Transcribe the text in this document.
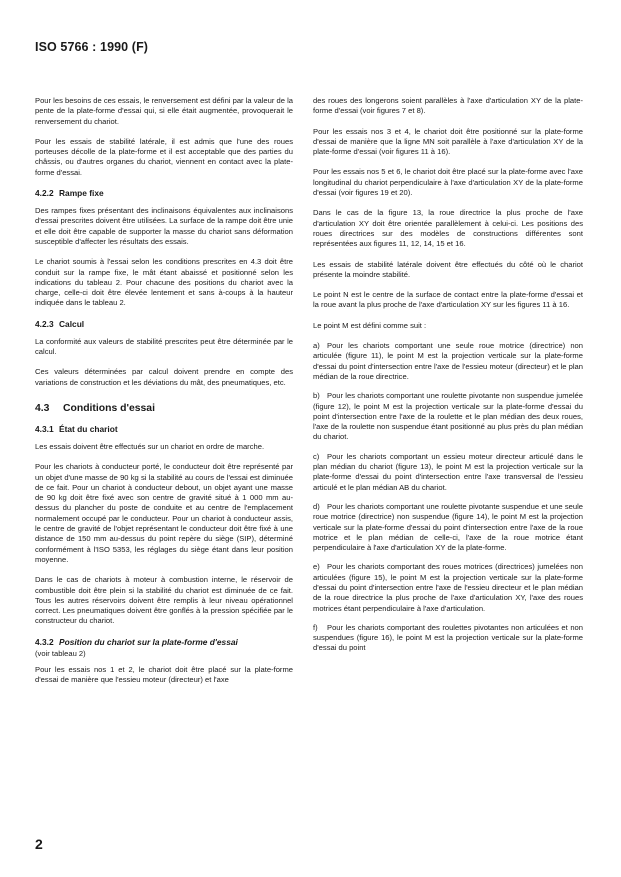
ISO 5766 : 1990 (F)

Pour les besoins de ces essais, le renversement est défini par la valeur de la pente de la plate-forme d'essai qui, si elle était augmentée, provoquerait le renversement du chariot.

Pour les essais de stabilité latérale, il est admis que l'une des roues porteuses décolle de la plate-forme et il est acceptable que des parties du châssis, ou d'autres organes du chariot, viennent en contact avec la plate-forme d'essai.

4.2.2 Rampe fixe

Des rampes fixes présentant des inclinaisons équivalentes aux inclinaisons d'essai prescrites doivent être utilisées. La surface de la rampe doit être unie et elle doit être capable de supporter la masse du chariot sans déformation susceptible d'affecter les résultats des essais.

Le chariot soumis à l'essai selon les conditions prescrites en 4.3 doit être conduit sur la rampe fixe, le mât étant abaissé et positionné selon les indications du tableau 2. Pour chacune des positions du chariot avec la charge, celle-ci doit être élevée lentement et sans à-coups à la hauteur indiquée dans le tableau 2.

4.2.3 Calcul

La conformité aux valeurs de stabilité prescrites peut être déterminée par le calcul.

Ces valeurs déterminées par calcul doivent prendre en compte des variations de construction et les déviations du mât, des pneumatiques, etc.

4.3 Conditions d'essai
4.3.1 État du chariot

Les essais doivent être effectués sur un chariot en ordre de marche.

Pour les chariots à conducteur porté, le conducteur doit être représenté par un objet d'une masse de 90 kg si la stabilité au cours de l'essai est diminuée de ce fait. Pour un chariot à conducteur debout, un objet ayant une masse de 90 kg doit être fixé avec son centre de gravité situé à 1 000 mm au-dessus du plancher du poste de conduite et au centre de l'emplacement normalement occupé par le conducteur. Pour un chariot à conducteur assis, le centre de gravité de l'objet représentant le conducteur doit être fixé à une distance de 150 mm au-dessus du point repère du siège (SIP), déterminé conformément à l'ISO 5353, les réglages du siège étant dans leur position moyenne.

Dans le cas de chariots à moteur à combustion interne, le réservoir de combustible doit être plein si la stabilité du chariot est diminuée de ce fait. Tous les autres réservoirs doivent être remplis à leur niveau opérationnel correct. Les pneumatiques doivent être gonflés à la pression spécifiée par le constructeur du chariot.

4.3.2 Position du chariot sur la plate-forme d'essai
(voir tableau 2)

Pour les essais nos 1 et 2, le chariot doit être placé sur la plate-forme d'essai de manière que l'essieu moteur (directeur) et l'axe

des roues des longerons soient parallèles à l'axe d'articulation XY de la plate-forme d'essai (voir figures 7 et 8).

Pour les essais nos 3 et 4, le chariot doit être positionné sur la plate-forme d'essai de manière que la ligne MN soit parallèle à l'axe d'articulation XY de la plate-forme d'essai (voir figures 11 à 16).

Pour les essais nos 5 et 6, le chariot doit être placé sur la plate-forme avec l'axe longitudinal du chariot perpendiculaire à l'axe d'articulation XY de la plate-forme d'essai (voir figures 19 et 20).

Dans le cas de la figure 13, la roue directrice la plus proche de l'axe d'articulation XY doit être orientée parallèlement à celui-ci. Les positions des roues directrices sur des modèles de constructions différentes sont représentées aux figures 11, 12, 14, 15 et 16.

Les essais de stabilité latérale doivent être effectués du côté où le chariot présente la moindre stabilité.

Le point N est le centre de la surface de contact entre la plate-forme d'essai et la roue avant la plus proche de l'axe d'articulation XY sur les figures 11 à 16.

Le point M est défini comme suit :

a) Pour les chariots comportant une seule roue motrice (directrice) non articulée (figure 11), le point M est la projection verticale sur la plate-forme d'essai du point d'intersection entre l'axe de l'essieu moteur (directeur) et le plan médian de la roue directrice.

b) Pour les chariots comportant une roulette pivotante non suspendue jumelée (figure 12), le point M est la projection verticale sur la plate-forme d'essai du point d'intersection entre l'axe de la roulette et le plan médian des deux roues, l'axe de la roulette non suspendue étant positionné au plus près du plan médian du chariot.

c) Pour les chariots comportant un essieu moteur directeur articulé dans le plan médian du chariot (figure 13), le point M est la projection verticale sur la plate-forme d'essai du point d'intersection entre l'axe transversal de l'essieu articulé et le plan médian AB du chariot.

d) Pour les chariots comportant une roulette pivotante suspendue et une seule roue motrice (directrice) non suspendue (figure 14), le point M est la projection verticale sur la plate-forme d'essai du point d'intersection entre l'axe de la roue motrice et le plan médian de celle-ci, l'axe de la roue motrice étant perpendiculaire à l'axe d'articulation XY de la plate-forme.

e) Pour les chariots comportant des roues motrices (directrices) jumelées non articulées (figure 15), le point M est la projection verticale sur la plate-forme d'essai du point d'intersection entre l'axe de l'essieu directeur et le plan médian de la roue directrice la plus proche de l'axe d'articulation XY, l'axe des roues motrices étant perpendiculaire à l'axe d'articulation.

f) Pour les chariots comportant des roulettes pivotantes non articulées et non suspendues (figure 16), le point M est la projection verticale sur la plate-forme d'essai du point

2
